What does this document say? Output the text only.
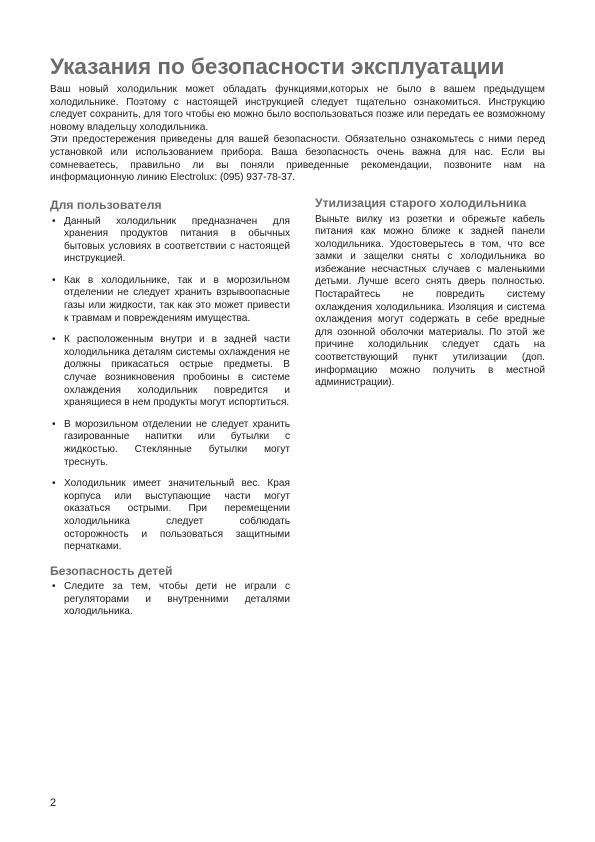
Указания по безопасности эксплуатации

Ваш новый холодильник может обладать функциями,которых не было в вашем предыдущем холодильнике. Поэтому с настоящей инструкцией следует тщательно ознакомиться. Инструкцию следует сохранить, для того чтобы ею можно было воспользоваться позже или передать ее возможному новому владельцу холодильника.

Эти предостережения приведены для вашей безопасности. Обязательно ознакомьтесь с ними перед установкой или использованием прибора. Ваша безопасность очень важна для нас. Если вы сомневаетесь, правильно ли вы поняли приведенные рекомендации, позвоните нам на информационную линию Electrolux: (095) 937-78-37.

Для пользователя
• Данный холодильник предназначен для хранения продуктов питания в обычных бытовых условиях в соответствии с настоящей инструкцией.
• Как в холодильнике, так и в морозильном отделении не следует хранить взрывоопасные газы или жидкости, так как это может привести к травмам и повреждениям имущества.
• К расположенным внутри и в задней части холодильника деталям системы охлаждения не должны прикасаться острые предметы. В случае возникновения пробоины в системе охлаждения холодильник повредится и хранящиеся в нем продукты могут испортиться.
• В морозильном отделении не следует хранить газированные напитки или бутылки с жидкостью. Стеклянные бутылки могут треснуть.
• Холодильник имеет значительный вес. Края корпуса или выступающие части могут оказаться острыми. При перемещении холодильника следует соблюдать осторожность и пользоваться защитными перчатками.
Безопасность детей
• Следите за тем, чтобы дети не играли с регуляторами и внутренними деталями холодильника.
Утилизация старого холодильника

Выньте вилку из розетки и обрежьте кабель питания как можно ближе к задней панели холодильника. Удостоверьтесь в том, что все замки и защелки сняты с холодильника во избежание несчастных случаев с маленькими детьми. Лучше всего снять дверь полностью. Постарайтесь не повредить систему охлаждения холодильника. Изоляция и система охлаждения могут содержать в себе вредные для озонной оболочки материалы. По этой же причине холодильник следует сдать на соответствующий пункт утилизации (доп. информацию можно получить в местной администрации).

2
